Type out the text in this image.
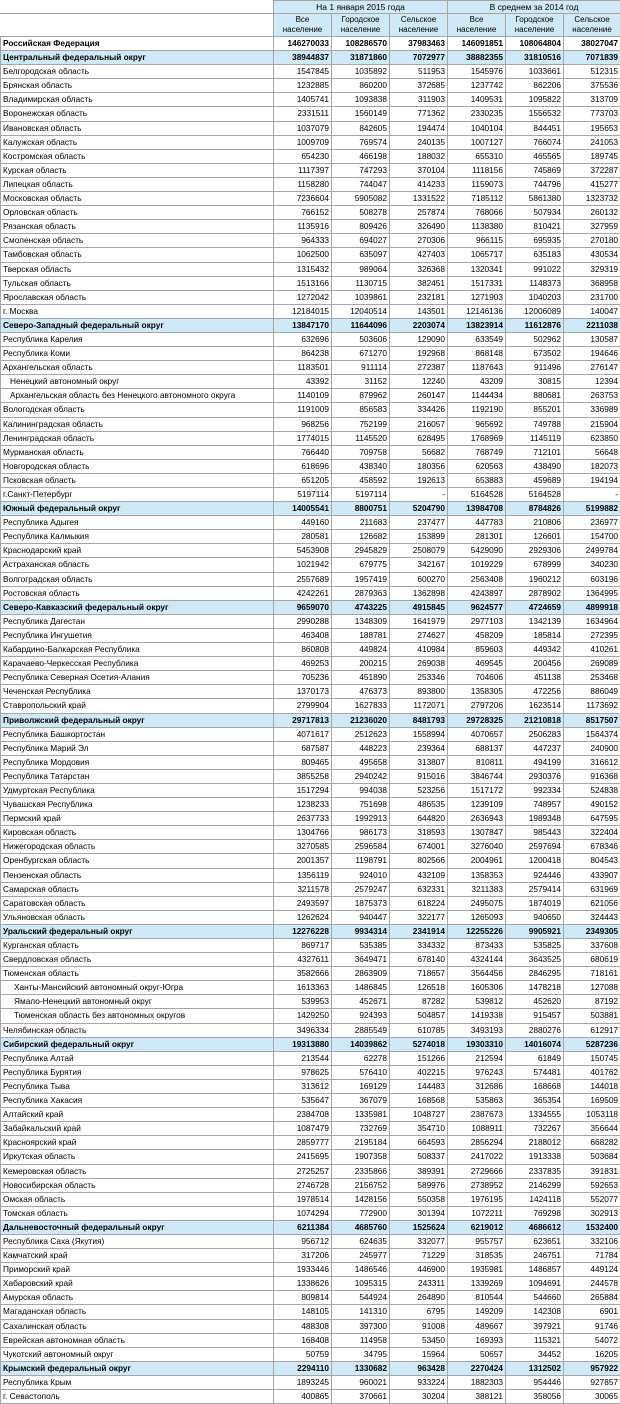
	На 1 января 2015 года			В среднем за 2014 год		
	Все население	Городское население	Сельское население	Все население	Городское население	Сельское население
Российская Федерация	146270033	108286570	37983463	146091851	108064804	38027047
Центральный федеральный округ	38944837	31871860	7072977	38882355	31810516	7071839
Белгородская область	1547845	1035892	511953	1545976	1033661	512315
Брянская область	1232885	860200	372685	1237742	862206	375536
Владимирская область	1405741	1093838	311903	1409531	1095822	313709
Воронежская область	2331511	1560149	771362	2330235	1556532	773703
Ивановская область	1037079	842605	194474	1040104	844451	195653
Калужская область	1009709	769574	240135	1007127	766074	241053
Костромская область	654230	466198	188032	655310	465565	189745
Курская область	1117397	747293	370104	1118156	745869	372287
Липецкая область	1158280	744047	414233	1159073	744796	415277
Московская область	7236604	5905082	1331522	7185112	5861380	1323732
Орловская область	766152	508278	257874	768066	507934	260132
Рязанская область	1135916	809426	326490	1138380	810421	327959
Смоленская область	964333	694027	270306	966115	695935	270180
Тамбовская область	1062500	635097	427403	1065717	635183	430534
Тверская область	1315432	989064	326368	1320341	991022	329319
Тульская область	1513166	1130715	382451	1517331	1148373	368958
Ярославская область	1272042	1039861	232181	1271903	1040203	231700
г. Москва	12184015	12040514	143501	12146136	12006089	140047
Северо-Западный федеральный округ	13847170	11644096	2203074	13823914	11612876	2211038
Республика Карелия	632696	503606	129090	633549	502962	130587
Республика Коми	864238	671270	192968	868148	673502	194646
Архангельская область	1183501	911114	272387	1187643	911496	276147
Ненецкий автономный округ	43392	31152	12240	43209	30815	12394
Архангельская область без Ненецкого автономного округа	1140109	879962	260147	1144434	880681	263753
Вологодская область	1191009	856583	334426	1192190	855201	336989
Калининградская область	968256	752199	216057	965692	749788	215904
Ленинградская область	1774015	1145520	628495	1768969	1145119	623850
Мурманская область	766440	709758	56682	768749	712101	56648
Новгородская область	618696	438340	180356	620563	438490	182073
Псковская область	651205	458592	192613	653883	459689	194194
г.Санкт-Петербург	5197114	5197114	-	5164528	5164528	-
Южный федеральный округ	14005541	8800751	5204790	13984708	8784826	5199882
Республика Адыгея	449160	211683	237477	447783	210806	236977
Республика Калмыкия	280581	126682	153899	281301	126601	154700
Краснодарский край	5453908	2945829	2508079	5429090	2929306	2499784
Астраханская область	1021942	679775	342167	1019229	678999	340230
Волгоградская область	2557689	1957419	600270	2563408	1960212	603196
Ростовская область	4242261	2879363	1362898	4243897	2878902	1364995
Северо-Кавказский федеральный округ	9659070	4743225	4915845	9624577	4724659	4899918
Республика Дагестан	2990288	1348309	1641979	2977103	1342139	1634964
Республика Ингушетия	463408	188781	274627	458209	185814	272395
Кабардино-Балкарская Республика	860808	449824	410984	859603	449342	410261
Карачаево-Черкесская Республика	469253	200215	269038	469545	200456	269089
Республика Северная Осетия-Алания	705236	451890	253346	704606	451138	253468
Чеченская Республика	1370173	476373	893800	1358305	472256	886049
Ставропольский край	2799904	1627833	1172071	2797206	1623514	1173692
Приволжский федеральный округ	29717813	21236020	8481793	29728325	21210818	8517507
Республика Башкортостан	4071617	2512623	1558994	4070657	2506283	1564374
Республика Марий Эл	687587	448223	239364	688137	447237	240900
Республика Мордовия	809465	495658	313807	810811	494199	316612
Республика Татарстан	3855258	2940242	915016	3846744	2930376	916368
Удмуртская Республика	1517294	994038	523256	1517172	992334	524838
Чувашская Республика	1238233	751698	486535	1239109	748957	490152
Пермский край	2637733	1992913	644820	2636943	1989348	647595
Кировская область	1304766	986173	318593	1307847	985443	322404
Нижегородская область	3270585	2596584	674001	3276040	2597694	678346
Оренбургская область	2001357	1198791	802566	2004961	1200418	804543
Пензенская область	1356119	924010	432109	1358353	924446	433907
Самарская область	3211578	2579247	632331	3211383	2579414	631969
Саратовская область	2493597	1875373	618224	2495075	1874019	621056
Ульяновская область	1262624	940447	322177	1265093	940650	324443
Уральский федеральный округ	12276228	9934314	2341914	12255226	9905921	2349305
Курганская область	869717	535385	334332	873433	535825	337608
Свердловская область	4327611	3649471	678140	4324144	3643525	680619
Тюменская область	3582666	2863909	718657	3564456	2846295	718161
Ханты-Мансийский автономный округ-Югра	1613363	1486845	126518	1605306	1478218	127088
Ямало-Ненецкий автономный округ	539953	452671	87282	539812	452620	87192
Тюменская область без автономных округов	1429250	924393	504857	1419338	915457	503881
Челябинская область	3496334	2885549	610785	3493193	2880276	612917
Сибирский федеральный округ	19313880	14039862	5274018	19303310	14016074	5287236
Республика Алтай	213544	62278	151266	212594	61849	150745
Республика Бурятия	978625	576410	402215	976243	574481	401762
Республика Тыва	313612	169129	144483	312686	168668	144018
Республика Хакасия	535647	367079	168568	535863	365354	169509
Алтайский край	2384708	1335981	1048727	2387673	1334555	1053118
Забайкальский край	1087479	732769	354710	1088911	732267	356644
Красноярский край	2859777	2195184	664593	2856294	2188012	668282
Иркутская область	2415695	1907358	508337	2417022	1913338	503684
Кемеровская область	2725257	2335866	389391	2729666	2337835	391831
Новосибирская область	2746728	2156752	589976	2738952	2146299	592653
Омская область	1978514	1428156	550358	1976195	1424118	552077
Томская область	1074294	772900	301394	1072211	769298	302913
Дальневосточный федеральный округ	6211384	4685760	1525624	6219012	4686612	1532400
Республика Саха (Якутия)	956712	624635	332077	955757	623651	332106
Камчатский край	317206	245977	71229	318535	246751	71784
Приморский край	1933446	1486546	446900	1935981	1486857	449124
Хабаровский край	1338626	1095315	243311	1339269	1094691	244578
Амурская область	809814	544924	264890	810544	544660	265884
Магаданская область	148105	141310	6795	149209	142308	6901
Сахалинская область	488308	397300	91008	489667	397921	91746
Еврейская автономная область	168408	114958	53450	169393	115321	54072
Чукотский автономный округ	50759	34795	15964	50657	34452	16205
Крымский федеральный округ	2294110	1330682	963428	2270424	1312502	957922
Республика Крым	1893245	960021	933224	1882303	954446	927857
г. Севастополь	400865	370661	30204	388121	358056	30065
